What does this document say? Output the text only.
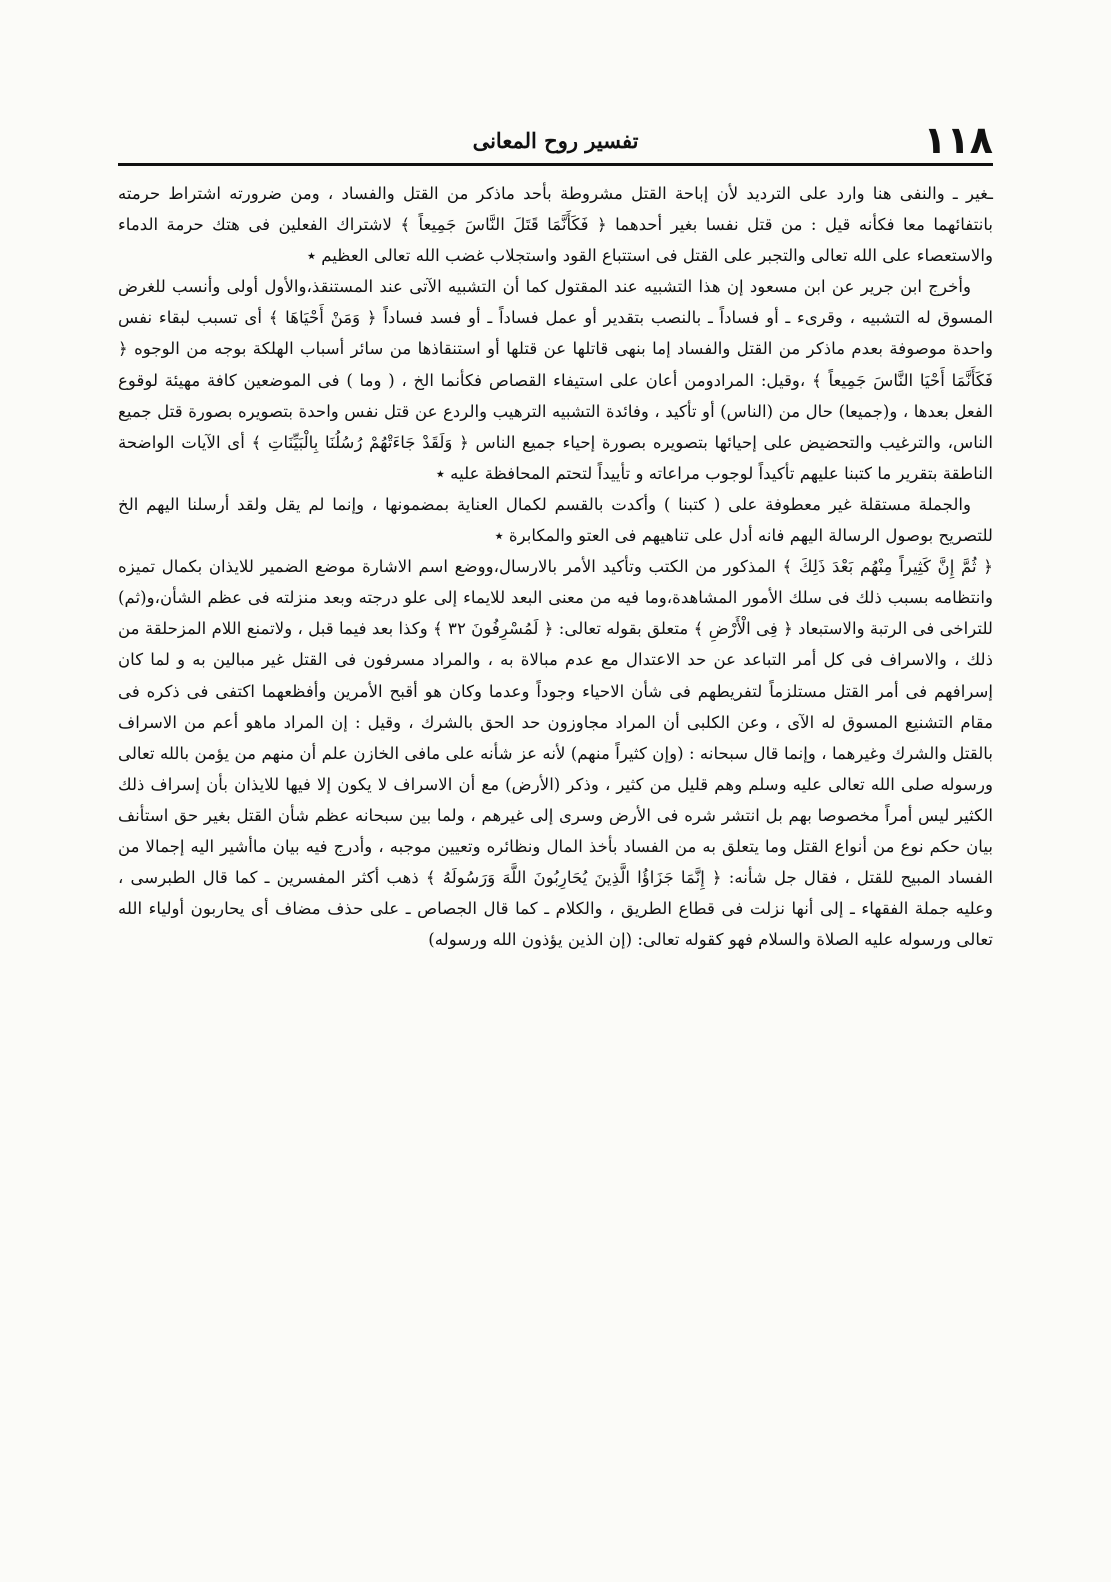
١١٨
تفسير روح المعانى

ـغير ـ والنفى هنا وارد على الترديد لأن إباحة القتل مشروطة بأحد ماذكر من القتل والفساد ، ومن ضرورته اشتراط حرمته بانتفائهما معا فكأنه قيل : من قتل نفسا بغير أحدهما ﴿ فَكَأَنَّمَا قَتَلَ النَّاسَ جَمِيعاً ﴾ لاشتراك الفعلين فى هتك حرمة الدماء والاستعصاء على الله تعالى والتجبر على القتل فى استتباع القود واستجلاب غضب الله تعالى العظيم ٭

وأخرج ابن جرير عن ابن مسعود إن هذا التشبيه عند المقتول كما أن التشبيه الآتى عند المستنقذ،والأول أولى وأنسب للغرض المسوق له التشبيه ، وقرىء ـ أو فساداً ـ بالنصب بتقدير أو عمل فساداً ـ أو فسد فساداً ﴿ وَمَنْ أَحْيَاهَا ﴾ أى تسبب لبقاء نفس واحدة موصوفة بعدم ماذكر من القتل والفساد إما بنهى قاتلها عن قتلها أو استنقاذها من سائر أسباب الهلكة بوجه من الوجوه ﴿ فَكَأَنَّمَا أَحْيَا النَّاسَ جَمِيعاً ﴾ ،وقيل: المرادومن أعان على استيفاء القصاص فكأنما الخ ، ( وما ) فى الموضعين كافة مهيئة لوقوع الفعل بعدها ، و(جميعا) حال من (الناس) أو تأكيد ، وفائدة التشبيه الترهيب والردع عن قتل نفس واحدة بتصويره بصورة قتل جميع الناس، والترغيب والتحضيض على إحيائها بتصويره بصورة إحياء جميع الناس ﴿ وَلَقَدْ جَاءَتْهُمْ رُسُلُنَا بِالْبَيِّنَاتِ ﴾ أى الآيات الواضحة الناطقة بتقرير ما كتبنا عليهم تأكيداً لوجوب مراعاته و تأييداً لتحتم المحافظة عليه ٭

والجملة مستقلة غير معطوفة على ( كتبنا ) وأكدت بالقسم لكمال العناية بمضمونها ، وإنما لم يقل ولقد أرسلنا اليهم الخ للتصريح بوصول الرسالة اليهم فانه أدل على تناهيهم فى العتو والمكابرة ٭

﴿ ثُمَّ إِنَّ كَثِيراً مِنْهُم بَعْدَ ذَلِكَ ﴾ المذكور من الكتب وتأكيد الأمر بالارسال،ووضع اسم الاشارة موضع الضمير للايذان بكمال تميزه وانتظامه بسبب ذلك فى سلك الأمور المشاهدة،وما فيه من معنى البعد للايماء إلى علو درجته وبعد منزلته فى عظم الشأن،و(ثم) للتراخى فى الرتبة والاستبعاد ﴿ فِى الْأَرْضِ ﴾ متعلق بقوله تعالى: ﴿ لَمُسْرِفُونَ ٣٢ ﴾ وكذا بعد فيما قبل ، ولاتمنع اللام المزحلقة من ذلك ، والاسراف فى كل أمر التباعد عن حد الاعتدال مع عدم مبالاة به ، والمراد مسرفون فى القتل غير مبالين به و لما كان إسرافهم فى أمر القتل مستلزماً لتفريطهم فى شأن الاحياء وجوداً وعدما وكان هو أقبح الأمرين وأفظعهما اكتفى فى ذكره فى مقام التشنيع المسوق له الآى ، وعن الكلبى أن المراد مجاوزون حد الحق بالشرك ، وقيل : إن المراد ماهو أعم من الاسراف بالقتل والشرك وغيرهما ، وإنما قال سبحانه : (وإن كثيراً منهم) لأنه عز شأنه على مافى الخازن علم أن منهم من يؤمن بالله تعالى ورسوله صلى الله تعالى عليه وسلم وهم قليل من كثير ، وذكر (الأرض) مع أن الاسراف لا يكون إلا فيها للايذان بأن إسراف ذلك الكثير ليس أمراً مخصوصا بهم بل انتشر شره فى الأرض وسرى إلى غيرهم ، ولما بين سبحانه عظم شأن القتل بغير حق استأنف بيان حكم نوع من أنواع القتل وما يتعلق به من الفساد بأخذ المال ونظائره وتعيين موجبه ، وأدرج فيه بيان ماأشير اليه إجمالا من الفساد المبيح للقتل ، فقال جل شأنه: ﴿ إِنَّمَا جَزَاؤُا الَّذِينَ يُحَارِبُونَ اللَّهَ وَرَسُولَهُ ﴾ ذهب أكثر المفسرين ـ كما قال الطبرسى ، وعليه جملة الفقهاء ـ إلى أنها نزلت فى قطاع الطريق ، والكلام ـ كما قال الجصاص ـ على حذف مضاف أى يحاربون أولياء الله تعالى ورسوله عليه الصلاة والسلام فهو كقوله تعالى: (إن الذين يؤذون الله ورسوله)
